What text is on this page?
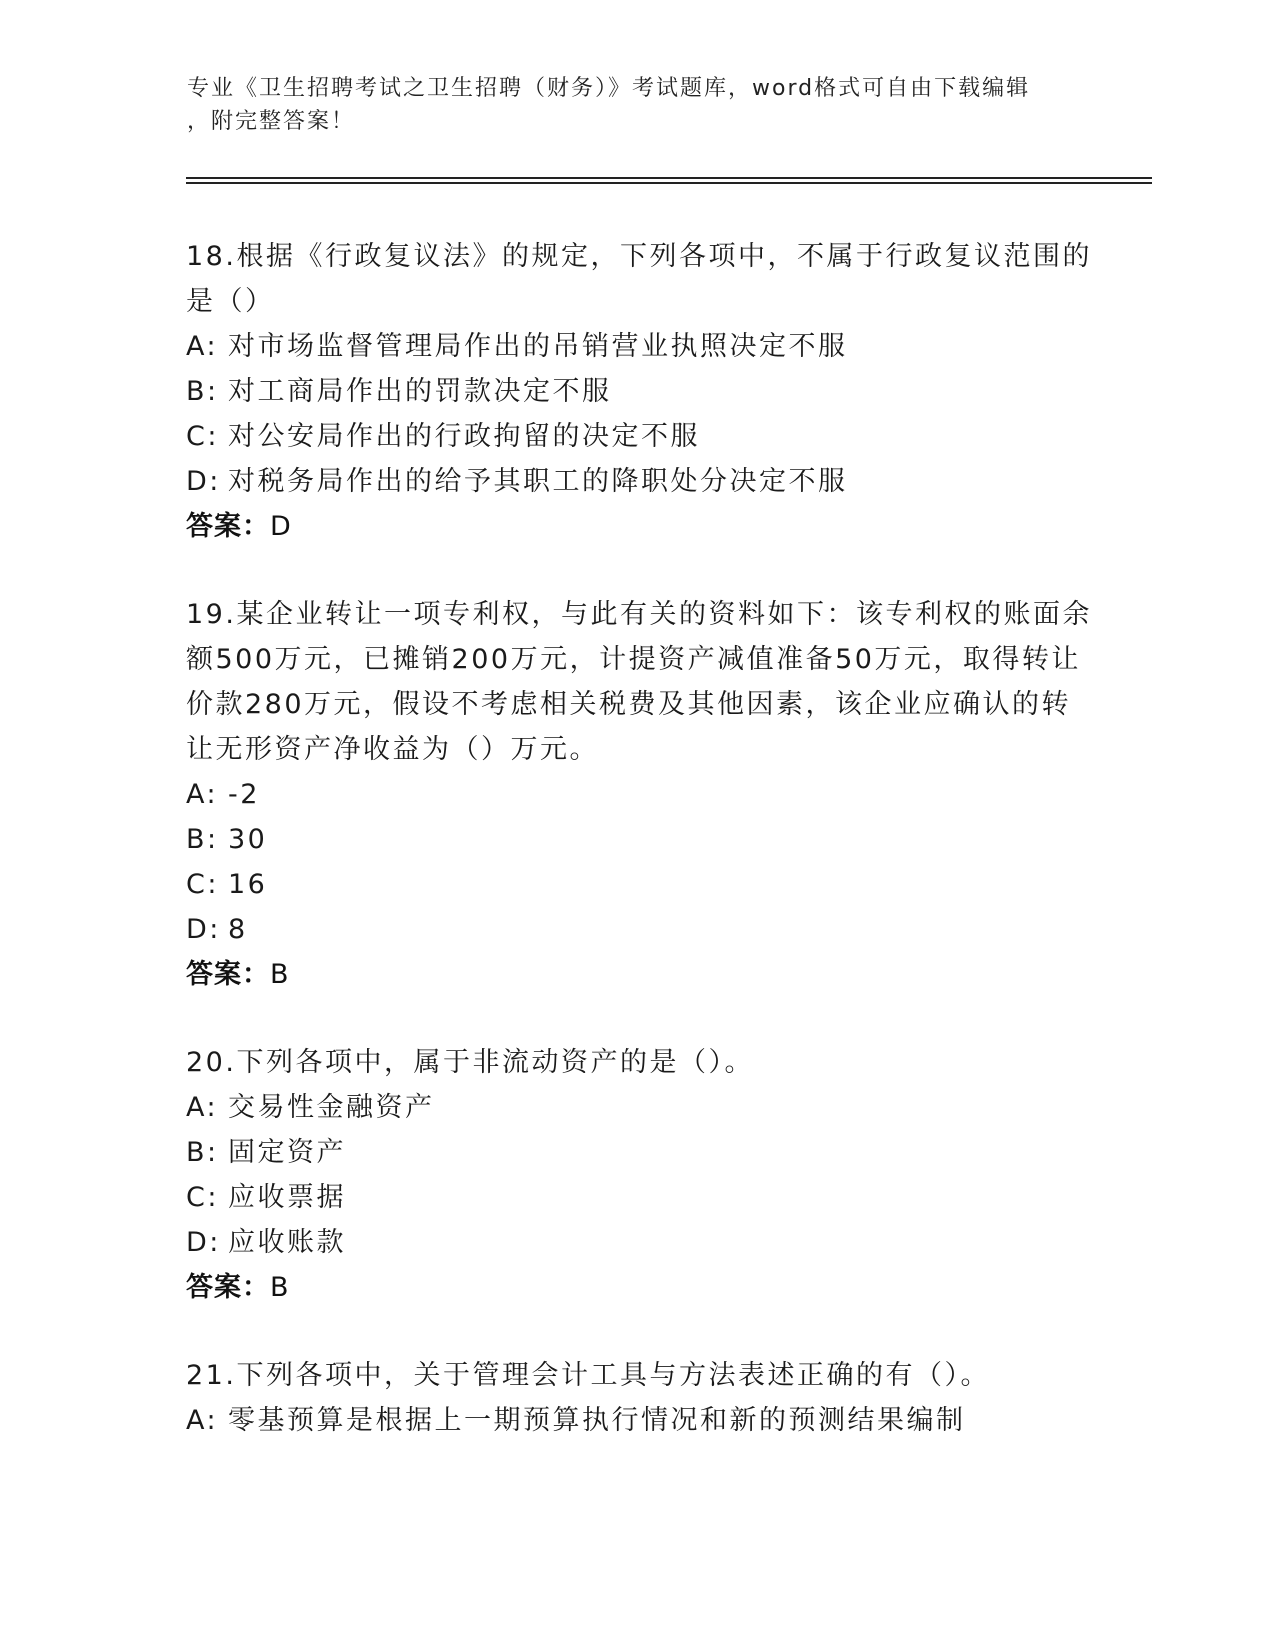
专业《卫生招聘考试之卫生招聘（财务）》考试题库，word格式可自由下载编辑
，附完整答案！
18.根据《行政复议法》的规定，下列各项中，不属于行政复议范围的
是（）
A: 对市场监督管理局作出的吊销营业执照决定不服
B: 对工商局作出的罚款决定不服
C: 对公安局作出的行政拘留的决定不服
D: 对税务局作出的给予其职工的降职处分决定不服
答案：D
19.某企业转让一项专利权，与此有关的资料如下：该专利权的账面余
额500万元，已摊销200万元，计提资产减值准备50万元，取得转让
价款280万元，假设不考虑相关税费及其他因素，该企业应确认的转
让无形资产净收益为（）万元。
A: -2
B: 30
C: 16
D: 8
答案：B
20.下列各项中，属于非流动资产的是（）。
A: 交易性金融资产
B: 固定资产
C: 应收票据
D: 应收账款
答案：B
21.下列各项中，关于管理会计工具与方法表述正确的有（）。
A: 零基预算是根据上一期预算执行情况和新的预测结果编制
